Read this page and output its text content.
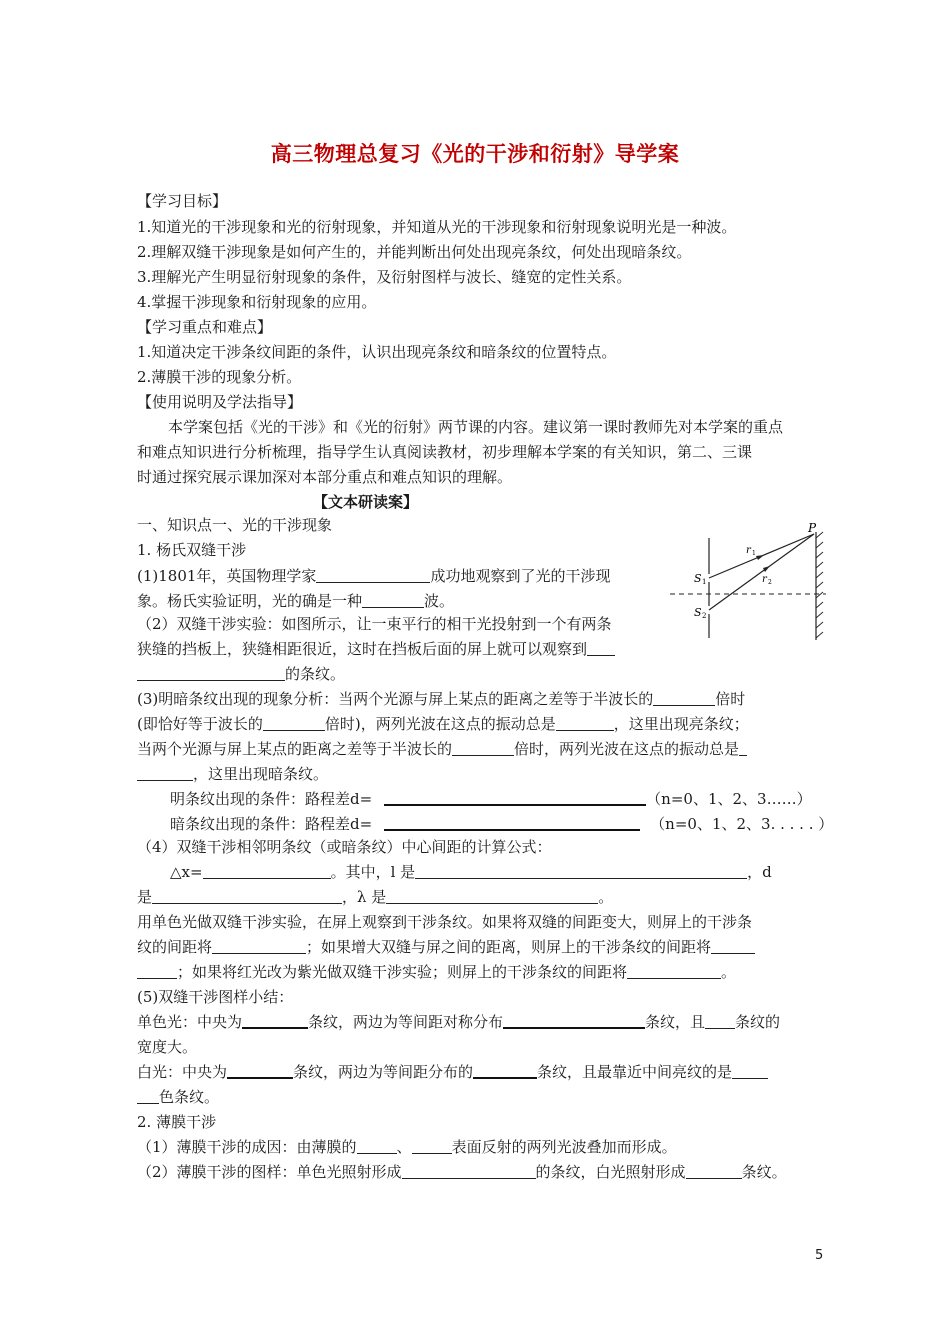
高三物理总复习《光的干涉和衍射》导学案
【学习目标】
1.知道光的干涉现象和光的衍射现象，并知道从光的干涉现象和衍射现象说明光是一种波。
2.理解双缝干涉现象是如何产生的，并能判断出何处出现亮条纹，何处出现暗条纹。
3.理解光产生明显衍射现象的条件，及衍射图样与波长、缝宽的定性关系。
4.掌握干涉现象和衍射现象的应用。
【学习重点和难点】
1.知道决定干涉条纹间距的条件，认识出现亮条纹和暗条纹的位置特点。
2.薄膜干涉的现象分析。
【使用说明及学法指导】
本学案包括《光的干涉》和《光的衍射》两节课的内容。建议第一课时教师先对本学案的重点
和难点知识进行分析梳理，指导学生认真阅读教材，初步理解本学案的有关知识，第二、三课
时通过探究展示课加深对本部分重点和难点知识的理解。
【文本研读案】
一、知识点一、光的干涉现象
1. 杨氏双缝干涉
(1)1801年，英国物理学家	成功地观察到了光的干涉现
象。杨氏实验证明，光的确是一种	波。
（2）双缝干涉实验：如图所示，让一束平行的相干光投射到一个有两条
狭缝的挡板上，狭缝相距很近，这时在挡板后面的屏上就可以观察到
的条纹。
P
S 1
S 2
r 1
r 2
(3)明暗条纹出现的现象分析：当两个光源与屏上某点的距离之差等于半波长的	倍时
(即恰好等于波长的	倍时)，两列光波在这点的振动总是	，这里出现亮条纹；
当两个光源与屏上某点的距离之差等于半波长的	倍时，两列光波在这点的振动总是
，这里出现暗条纹。
明条纹出现的条件：路程差d=	（n=0、1、2、3……）
暗条纹出现的条件：路程差d=	（n=0、1、2、3. . . . . ）
（4）双缝干涉相邻明条纹（或暗条纹）中心间距的计算公式：
△x=	。其中，l 是	，d
是	，λ 是	。
用单色光做双缝干涉实验，在屏上观察到干涉条纹。如果将双缝的间距变大，则屏上的干涉条
纹的间距将	；如果增大双缝与屏之间的距离，则屏上的干涉条纹的间距将
；如果将红光改为紫光做双缝干涉实验；则屏上的干涉条纹的间距将	。
(5)双缝干涉图样小结：
单色光：中央为	条纹，两边为等间距对称分布	条纹，且 条纹的
宽度大。
白光：中央为	条纹，两边为等间距分布的	条纹，且最靠近中间亮纹的是
色条纹。
2. 薄膜干涉
（1）薄膜干涉的成因：由薄膜的	、	表面反射的两列光波叠加而形成。
（2）薄膜干涉的图样：单色光照射形成	的条纹，白光照射形成	条纹。
5
